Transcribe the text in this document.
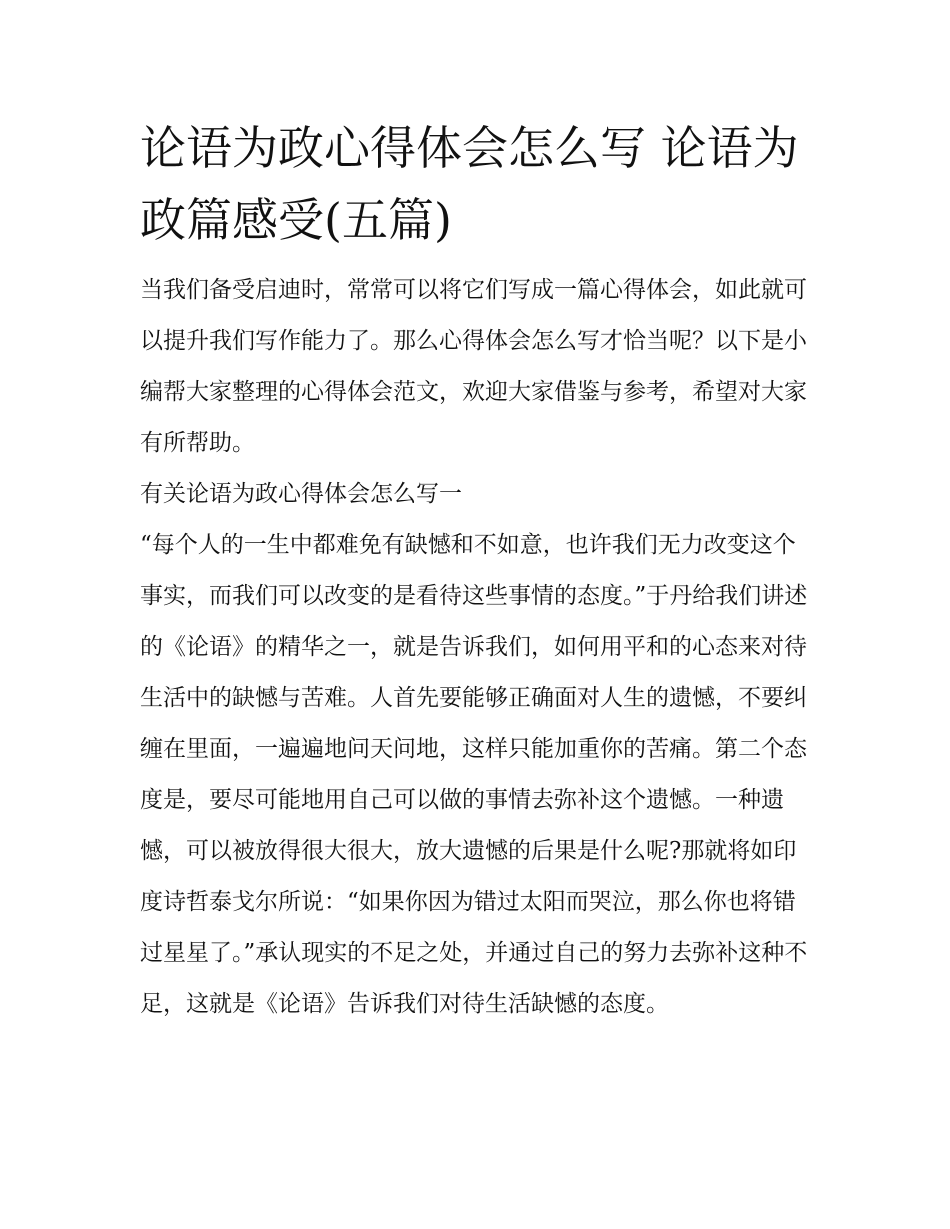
论语为政心得体会怎么写 论语为政篇感受(五篇)

当我们备受启迪时，常常可以将它们写成一篇心得体会，如此就可以提升我们写作能力了。那么心得体会怎么写才恰当呢？以下是小编帮大家整理的心得体会范文，欢迎大家借鉴与参考，希望对大家有所帮助。

有关论语为政心得体会怎么写一

“每个人的一生中都难免有缺憾和不如意，也许我们无力改变这个事实，而我们可以改变的是看待这些事情的态度。”于丹给我们讲述的《论语》的精华之一，就是告诉我们，如何用平和的心态来对待生活中的缺憾与苦难。人首先要能够正确面对人生的遗憾，不要纠缠在里面，一遍遍地问天问地，这样只能加重你的苦痛。第二个态度是，要尽可能地用自己可以做的事情去弥补这个遗憾。一种遗憾，可以被放得很大很大，放大遗憾的后果是什么呢?那就将如印度诗哲泰戈尔所说：“如果你因为错过太阳而哭泣，那么你也将错过星星了。”承认现实的不足之处，并通过自己的努力去弥补这种不足，这就是《论语》告诉我们对待生活缺憾的态度。
